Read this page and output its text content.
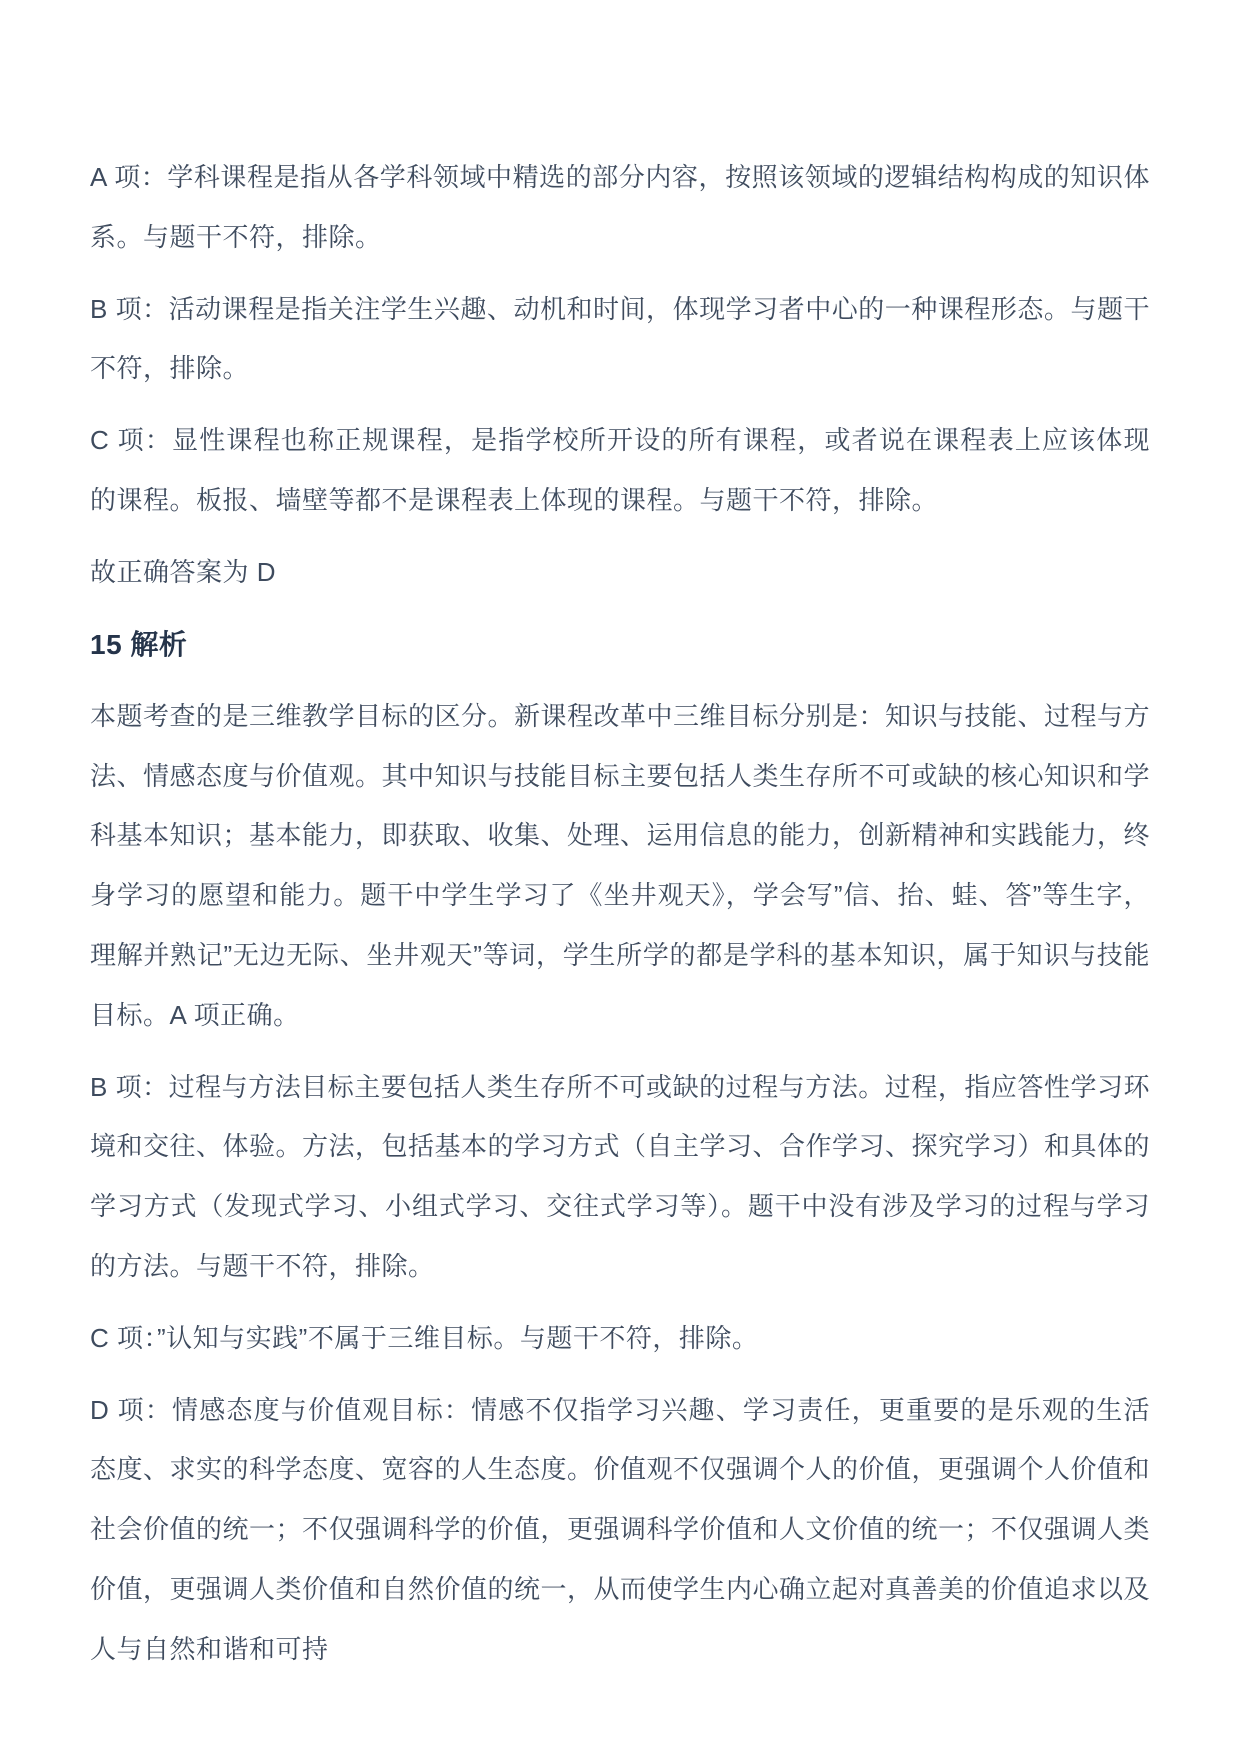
A 项：学科课程是指从各学科领域中精选的部分内容，按照该领域的逻辑结构构成的知识体系。与题干不符，排除。

B 项：活动课程是指关注学生兴趣、动机和时间，体现学习者中心的一种课程形态。与题干不符，排除。

C 项：显性课程也称正规课程，是指学校所开设的所有课程，或者说在课程表上应该体现的课程。板报、墙壁等都不是课程表上体现的课程。与题干不符，排除。

故正确答案为 D

15 解析

本题考查的是三维教学目标的区分。新课程改革中三维目标分别是：知识与技能、过程与方法、情感态度与价值观。其中知识与技能目标主要包括人类生存所不可或缺的核心知识和学科基本知识；基本能力，即获取、收集、处理、运用信息的能力，创新精神和实践能力，终身学习的愿望和能力。题干中学生学习了《坐井观天》，学会写”信、抬、蛙、答”等生字，理解并熟记”无边无际、坐井观天”等词，学生所学的都是学科的基本知识，属于知识与技能目标。A 项正确。

B 项：过程与方法目标主要包括人类生存所不可或缺的过程与方法。过程，指应答性学习环境和交往、体验。方法，包括基本的学习方式（自主学习、合作学习、探究学习）和具体的学习方式（发现式学习、小组式学习、交往式学习等）。题干中没有涉及学习的过程与学习的方法。与题干不符，排除。

C 项：”认知与实践”不属于三维目标。与题干不符，排除。

D 项：情感态度与价值观目标：情感不仅指学习兴趣、学习责任，更重要的是乐观的生活态度、求实的科学态度、宽容的人生态度。价值观不仅强调个人的价值，更强调个人价值和社会价值的统一；不仅强调科学的价值，更强调科学价值和人文价值的统一；不仅强调人类价值，更强调人类价值和自然价值的统一，从而使学生内心确立起对真善美的价值追求以及人与自然和谐和可持
